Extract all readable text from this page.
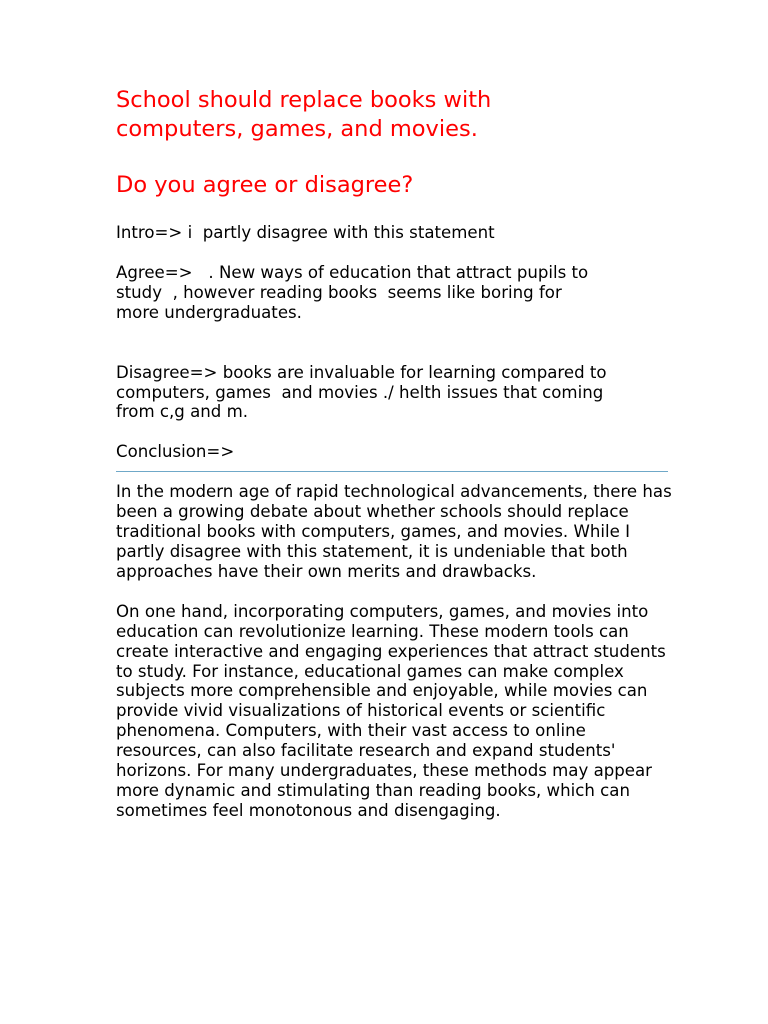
School should replace books with
computers, games, and movies.
Do you agree or disagree?

Intro=> i  partly disagree with this statement

Agree=>   . New ways of education that attract pupils to
study  , however reading books  seems like boring for
more undergraduates.

Disagree=> books are invaluable for learning compared to
computers, games  and movies ./ helth issues that coming
from c,g and m.

Conclusion=>

In the modern age of rapid technological advancements, there has been a growing debate about whether schools should replace traditional books with computers, games, and movies. While I partly disagree with this statement, it is undeniable that both approaches have their own merits and drawbacks.

On one hand, incorporating computers, games, and movies into education can revolutionize learning. These modern tools can create interactive and engaging experiences that attract students to study. For instance, educational games can make complex subjects more comprehensible and enjoyable, while movies can provide vivid visualizations of historical events or scientific phenomena. Computers, with their vast access to online resources, can also facilitate research and expand students' horizons. For many undergraduates, these methods may appear more dynamic and stimulating than reading books, which can sometimes feel monotonous and disengaging.
